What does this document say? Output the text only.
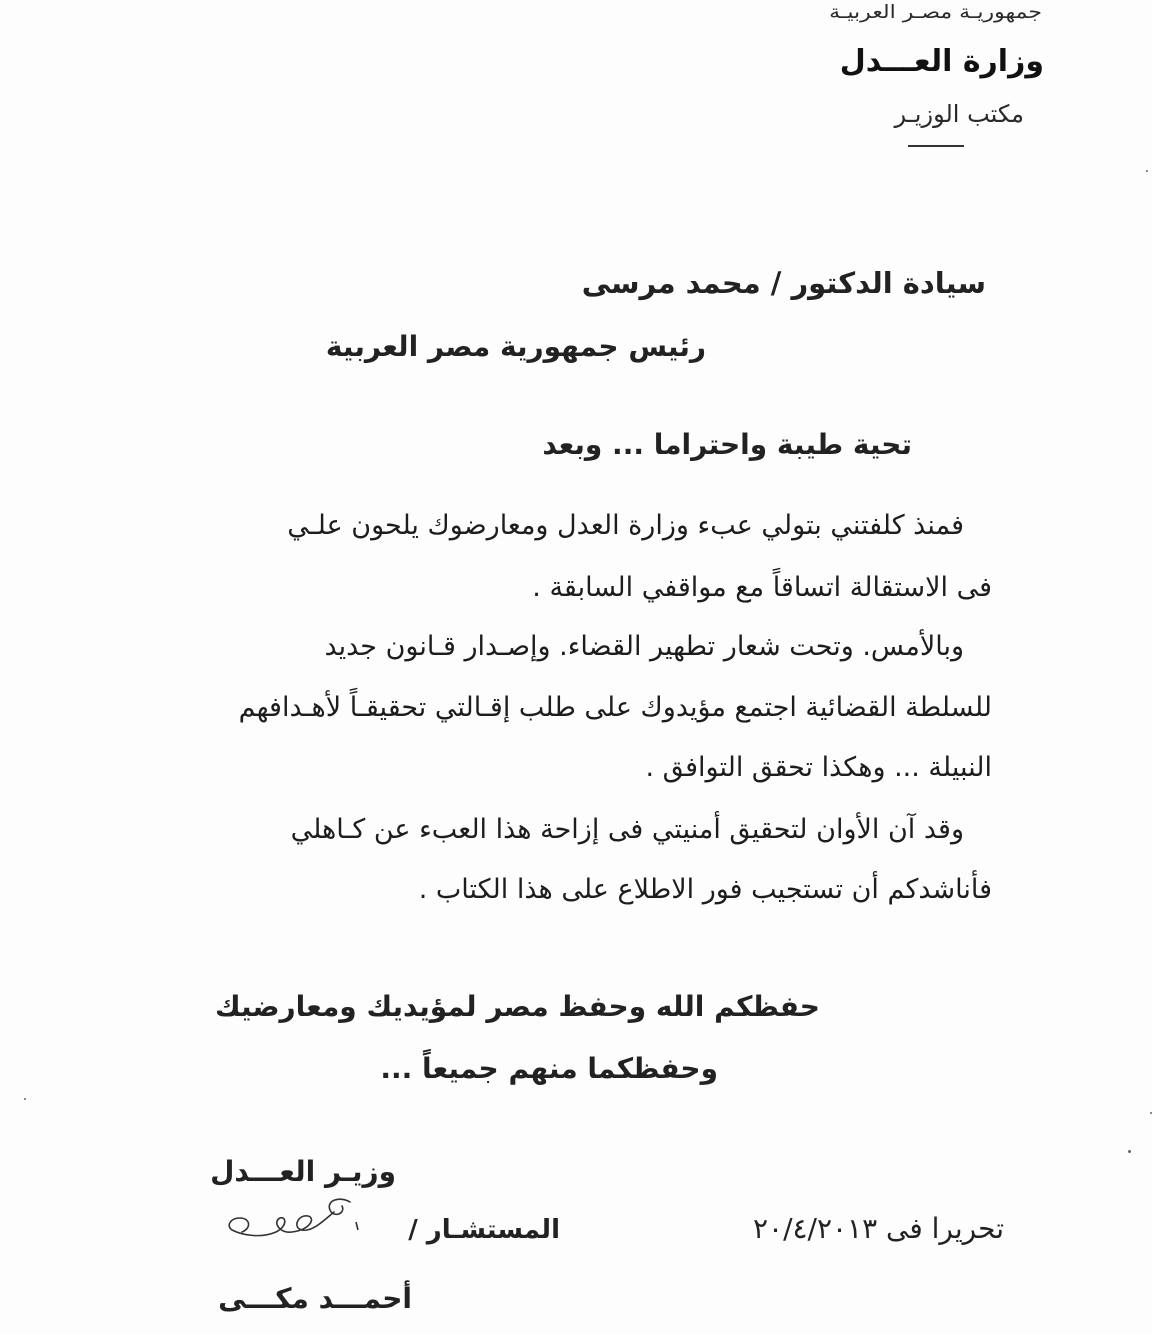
جمهوريـة مصـر العربيـة
وزارة العـــدل
مكتب الوزيـر
سيادة الدكتور / محمد مرسى
رئيس جمهورية مصر العربية
تحية طيبة واحتراما ... وبعد
فمنذ كلفتني بتولي عبء وزارة العدل ومعارضوك يلحون علـي
فى الاستقالة اتساقاً مع مواقفي السابقة .
وبالأمس. وتحت شعار تطهير القضاء. وإصـدار قـانون جديد
للسلطة القضائية اجتمع مؤيدوك على طلب إقـالتي تحقيقـاً لأهـدافهم
النبيلة ... وهكذا تحقق التوافق .
وقد آن الأوان لتحقيق أمنيتي فى إزاحة هذا العبء عن كـاهلي
فأناشدكم أن تستجيب فور الاطلاع على هذا الكتاب .
حفظكم الله وحفظ مصر لمؤيديك ومعارضيك
وحفظكما منهم جميعاً ...
وزيـر العـــدل
المستشـار /	تحريرا فى ٢٠/٤/٢٠١٣
أحمـــد مكـــى
